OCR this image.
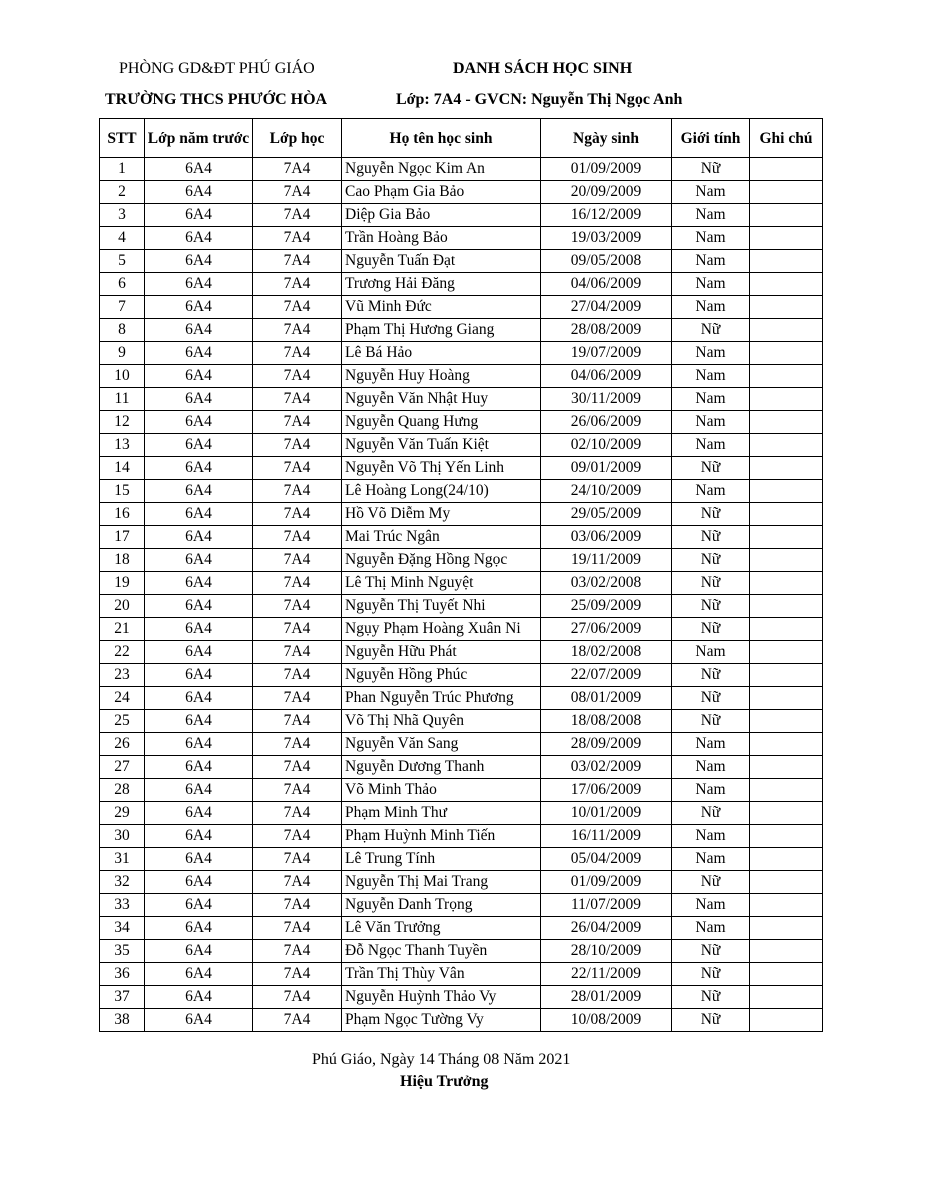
PHÒNG GD&ĐT PHÚ GIÁO	DANH SÁCH HỌC SINH
TRƯỜNG THCS PHƯỚC HÒA	Lớp: 7A4 - GVCN: Nguyễn Thị Ngọc Anh
STT	Lớp năm trước	Lớp học	Họ tên học sinh	Ngày sinh	Giới tính	Ghi chú
1	6A4	7A4	Nguyễn Ngọc Kim An	01/09/2009	Nữ	
2	6A4	7A4	Cao Phạm Gia Bảo	20/09/2009	Nam	
3	6A4	7A4	Diệp Gia Bảo	16/12/2009	Nam	
4	6A4	7A4	Trần Hoàng Bảo	19/03/2009	Nam	
5	6A4	7A4	Nguyễn Tuấn Đạt	09/05/2008	Nam	
6	6A4	7A4	Trương Hải Đăng	04/06/2009	Nam	
7	6A4	7A4	Vũ Minh Đức	27/04/2009	Nam	
8	6A4	7A4	Phạm Thị Hương Giang	28/08/2009	Nữ	
9	6A4	7A4	Lê Bá Hảo	19/07/2009	Nam	
10	6A4	7A4	Nguyễn Huy Hoàng	04/06/2009	Nam	
11	6A4	7A4	Nguyễn Văn Nhật Huy	30/11/2009	Nam	
12	6A4	7A4	Nguyễn Quang Hưng	26/06/2009	Nam	
13	6A4	7A4	Nguyễn Văn Tuấn Kiệt	02/10/2009	Nam	
14	6A4	7A4	Nguyễn Võ Thị Yến Linh	09/01/2009	Nữ	
15	6A4	7A4	Lê Hoàng Long(24/10)	24/10/2009	Nam	
16	6A4	7A4	Hồ Võ Diễm My	29/05/2009	Nữ	
17	6A4	7A4	Mai Trúc Ngân	03/06/2009	Nữ	
18	6A4	7A4	Nguyễn Đặng Hồng Ngọc	19/11/2009	Nữ	
19	6A4	7A4	Lê Thị Minh Nguyệt	03/02/2008	Nữ	
20	6A4	7A4	Nguyễn Thị Tuyết Nhi	25/09/2009	Nữ	
21	6A4	7A4	Ngụy Phạm Hoàng Xuân Ni	27/06/2009	Nữ	
22	6A4	7A4	Nguyễn Hữu Phát	18/02/2008	Nam	
23	6A4	7A4	Nguyễn Hồng Phúc	22/07/2009	Nữ	
24	6A4	7A4	Phan Nguyễn Trúc Phương	08/01/2009	Nữ	
25	6A4	7A4	Võ Thị Nhã Quyên	18/08/2008	Nữ	
26	6A4	7A4	Nguyễn Văn Sang	28/09/2009	Nam	
27	6A4	7A4	Nguyễn Dương Thanh	03/02/2009	Nam	
28	6A4	7A4	Võ Minh Thảo	17/06/2009	Nam	
29	6A4	7A4	Phạm Minh Thư	10/01/2009	Nữ	
30	6A4	7A4	Phạm Huỳnh Minh Tiến	16/11/2009	Nam	
31	6A4	7A4	Lê Trung Tính	05/04/2009	Nam	
32	6A4	7A4	Nguyễn Thị Mai Trang	01/09/2009	Nữ	
33	6A4	7A4	Nguyễn Danh Trọng	11/07/2009	Nam	
34	6A4	7A4	Lê Văn Trưởng	26/04/2009	Nam	
35	6A4	7A4	Đỗ Ngọc Thanh Tuyền	28/10/2009	Nữ	
36	6A4	7A4	Trần Thị Thùy Vân	22/11/2009	Nữ	
37	6A4	7A4	Nguyễn Huỳnh Thảo Vy	28/01/2009	Nữ	
38	6A4	7A4	Phạm Ngọc Tường Vy	10/08/2009	Nữ	
Phú Giáo, Ngày 14 Tháng 08 Năm 2021
Hiệu Trưởng
